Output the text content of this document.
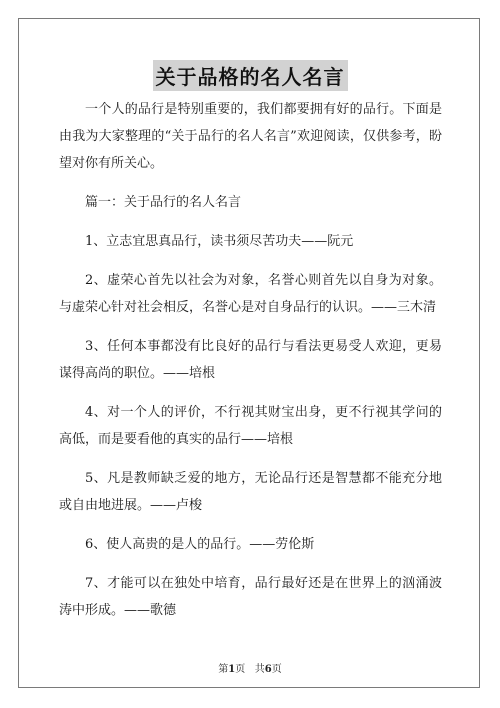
关于品格的名人名言

一个人的品行是特别重要的，我们都要拥有好的品行。下面是由我为大家整理的“关于品行的名人名言”欢迎阅读，仅供参考，盼望对你有所关心。

篇一：关于品行的名人名言

1、立志宜思真品行，读书须尽苦功夫——阮元

2、虚荣心首先以社会为对象，名誉心则首先以自身为对象。与虚荣心针对社会相反，名誉心是对自身品行的认识。——三木清

3、任何本事都没有比良好的品行与看法更易受人欢迎，更易谋得高尚的职位。——培根

4、对一个人的评价，不行视其财宝出身，更不行视其学问的高低，而是要看他的真实的品行——培根

5、凡是教师缺乏爱的地方，无论品行还是智慧都不能充分地或自由地进展。——卢梭

6、使人高贵的是人的品行。——劳伦斯

7、才能可以在独处中培育，品行最好还是在世界上的汹涌波涛中形成。——歌德

第1页 共6页
